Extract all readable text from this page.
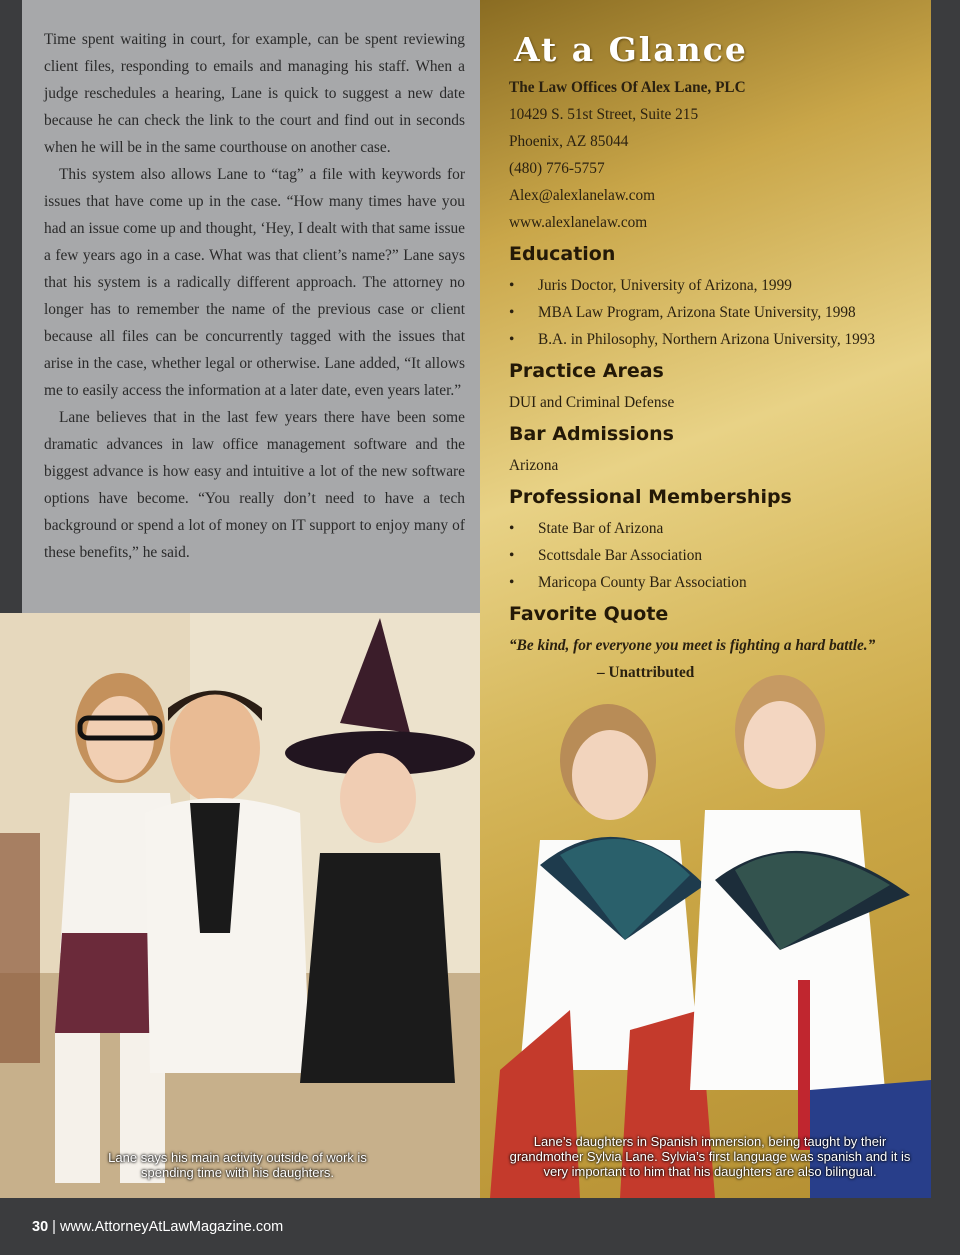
Time spent waiting in court, for example, can be spent reviewing client files, responding to emails and managing his staff. When a judge reschedules a hearing, Lane is quick to suggest a new date because he can check the link to the court and find out in seconds when he will be in the same courthouse on another case.

This system also allows Lane to “tag” a file with keywords for issues that have come up in the case. “How many times have you had an issue come up and thought, ‘Hey, I dealt with that same issue a few years ago in a case. What was that client’s name?” Lane says that his system is a radically different approach. The attorney no longer has to remember the name of the previous case or client because all files can be concurrently tagged with the issues that arise in the case, whether legal or otherwise. Lane added, “It allows me to easily access the information at a later date, even years later.”

Lane believes that in the last few years there have been some dramatic advances in law office management software and the biggest advance is how easy and intuitive a lot of the new software options have become. “You really don’t need to have a tech background or spend a lot of money on IT support to enjoy many of these benefits,” he said.

At a Glance
The Law Offices Of Alex Lane, PLC
10429 S. 51st Street, Suite 215
Phoenix, AZ 85044
(480) 776-5757
Alex@alexlanelaw.com
www.alexlanelaw.com
Education
• Juris Doctor, University of Arizona, 1999
• MBA Law Program, Arizona State University, 1998
• B.A. in Philosophy, Northern Arizona University, 1993
Practice Areas
DUI and Criminal Defense
Bar Admissions
Arizona
Professional Memberships
• State Bar of Arizona
• Scottsdale Bar Association
• Maricopa County Bar Association
Favorite Quote
“Be kind, for everyone you meet is fighting a hard battle.”
– Unattributed
Lane says his main activity outside of work is spending time with his daughters.
Lane’s daughters in Spanish immersion, being taught by their grandmother Sylvia Lane. Sylvia’s first language was spanish and it is very important to him that his daughters are also bilingual.
30 | www.AttorneyAtLawMagazine.com
